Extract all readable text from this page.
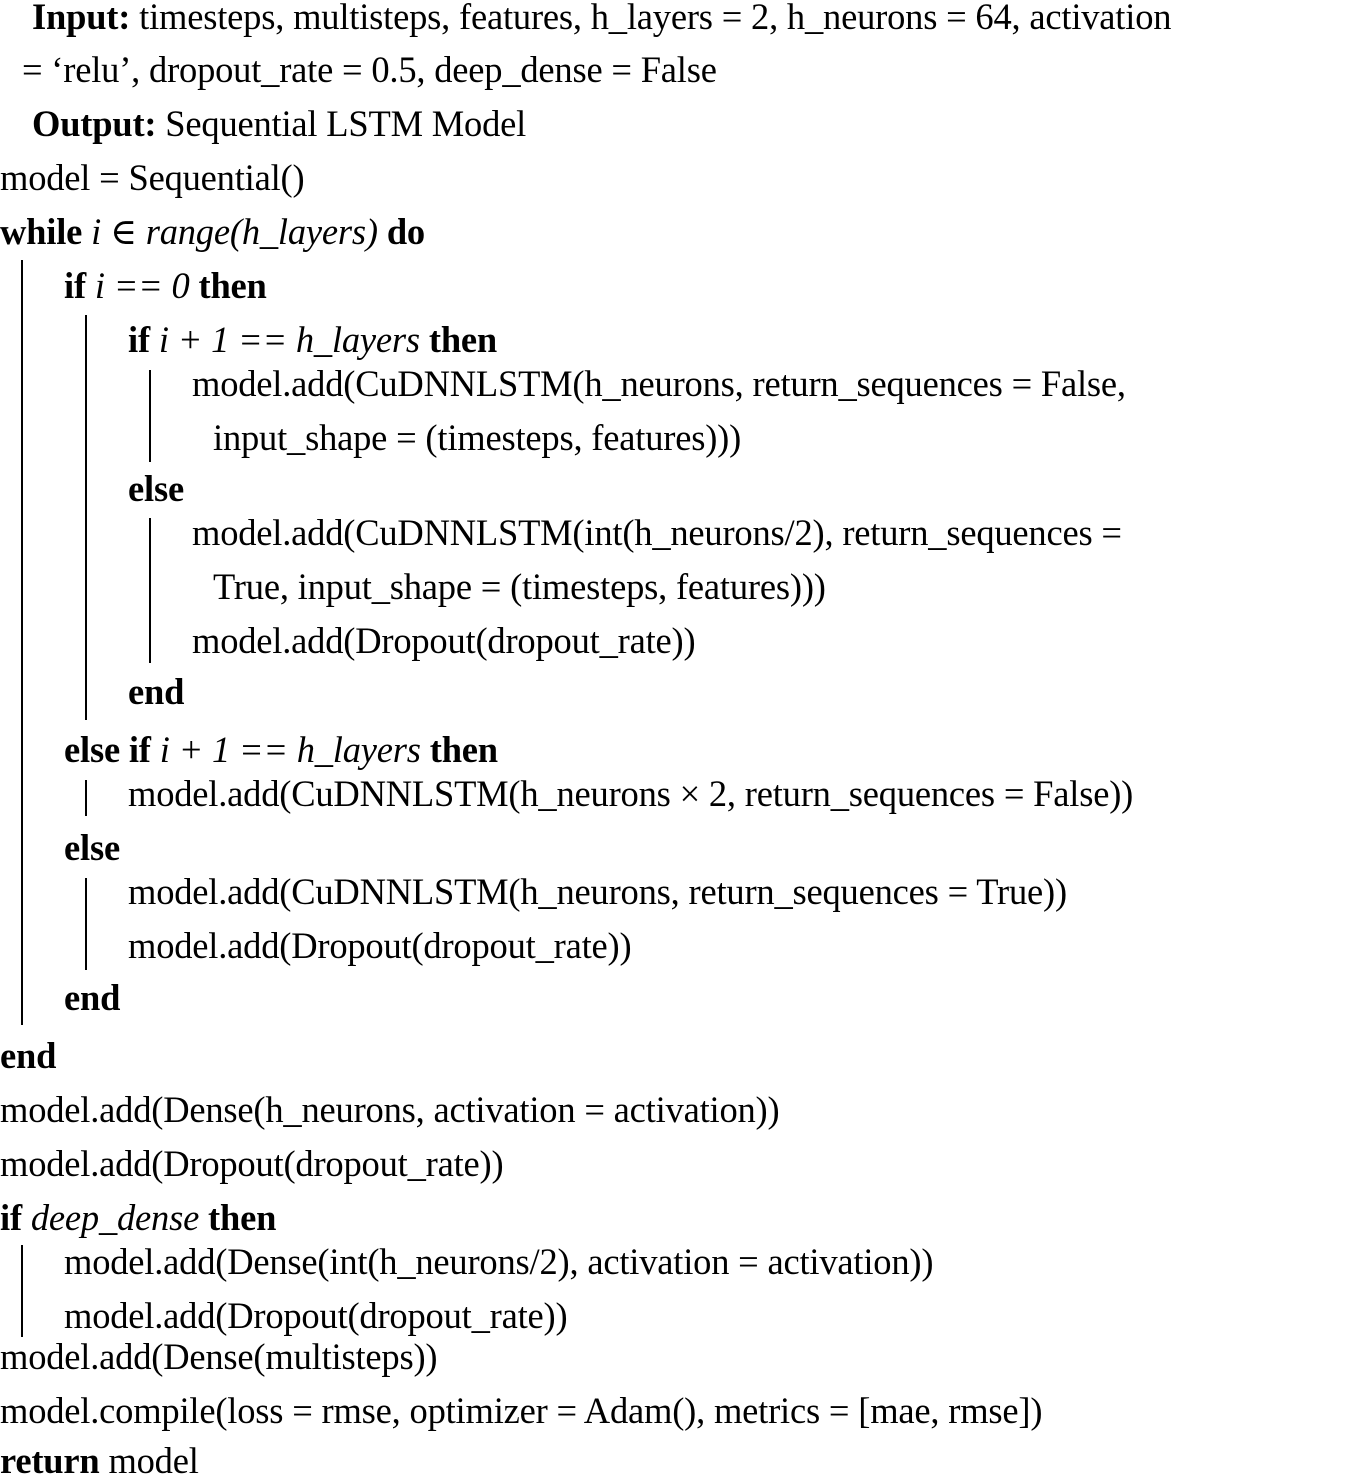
Input: timesteps, multisteps, features, h_layers = 2, h_neurons = 64, activation
= ‘relu’, dropout_rate = 0.5, deep_dense = False
Output: Sequential LSTM Model
model = Sequential()
while i ∈ range(h_layers) do
if i == 0 then
if i + 1 == h_layers then
model.add(CuDNNLSTM(h_neurons, return_sequences = False,
input_shape = (timesteps, features)))
else
model.add(CuDNNLSTM(int(h_neurons/2), return_sequences =
True, input_shape = (timesteps, features)))
model.add(Dropout(dropout_rate))
end
else if i + 1 == h_layers then
model.add(CuDNNLSTM(h_neurons × 2, return_sequences = False))
else
model.add(CuDNNLSTM(h_neurons, return_sequences = True))
model.add(Dropout(dropout_rate))
end
end
model.add(Dense(h_neurons, activation = activation))
model.add(Dropout(dropout_rate))
if deep_dense then
model.add(Dense(int(h_neurons/2), activation = activation))
model.add(Dropout(dropout_rate))
model.add(Dense(multisteps))
model.compile(loss = rmse, optimizer = Adam(), metrics = [mae, rmse])
return model
